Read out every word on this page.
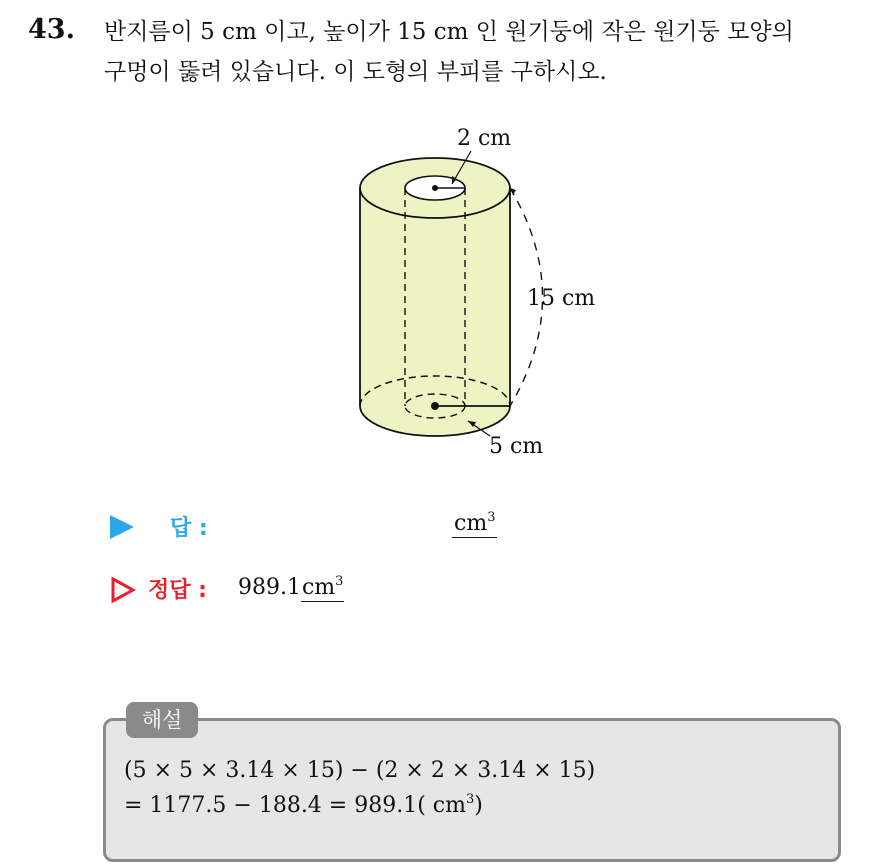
43. 반지름이 5 cm 이고, 높이가 15 cm 인 원기둥에 작은 원기둥 모양의
구멍이 뚫려 있습니다. 이 도형의 부피를 구하시오.
2 cm
15 cm
5 cm
답 :	$cm^3$
정답 : $989.1cm^3$
해설
(5 × 5 × 3.14 × 15) − (2 × 2 × 3.14 × 15)
= 1177.5 − 188.4 = 989.1( $cm^3$)
